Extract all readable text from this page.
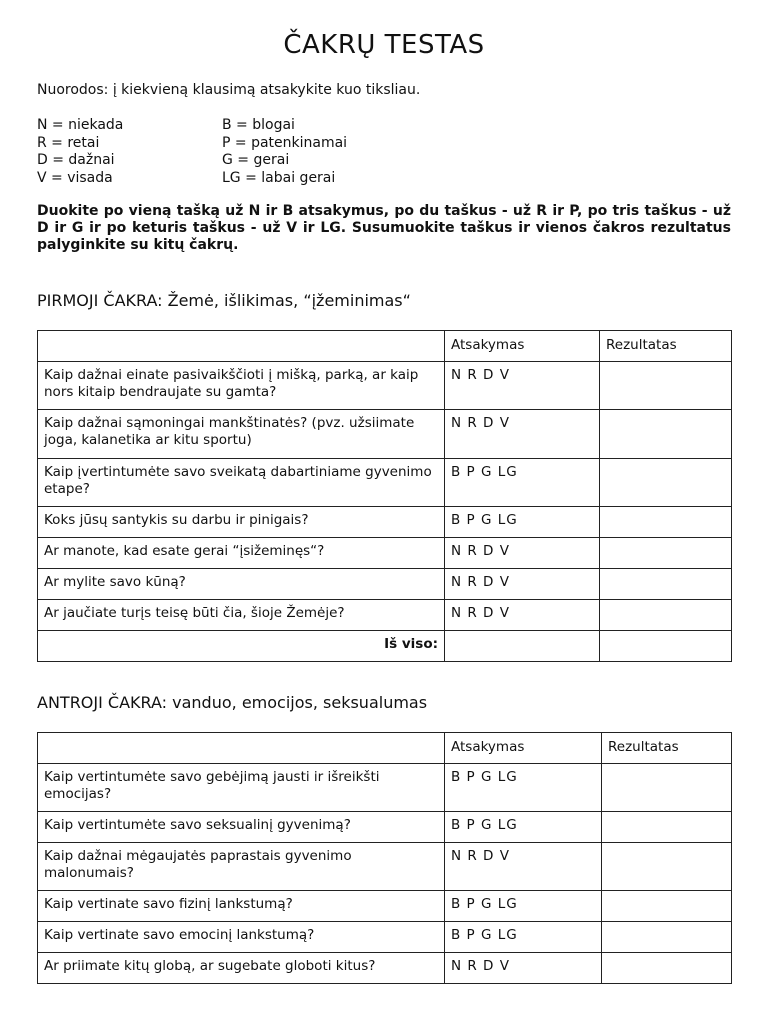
ČAKRŲ TESTAS
Nuorodos: į kiekvieną klausimą atsakykite kuo tiksliau.
N = niekada
R = retai
D = dažnai
V = visada
B = blogai
P = patenkinamai
G = gerai
LG = labai gerai
Duokite po vieną tašką už N ir B atsakymus, po du taškus - už R ir P, po tris taškus - už D ir G ir po keturis taškus - už V ir LG. Susumuokite taškus ir vienos čakros rezultatus palyginkite su kitų čakrų.
PIRMOJI ČAKRA: Žemė, išlikimas, “įžeminimas“
	Atsakymas	Rezultatas
Kaip dažnai einate pasivaikščioti į mišką, parką, ar kaip nors kitaip bendraujate su gamta?	N R D V	
Kaip dažnai sąmoningai mankštinatės? (pvz. užsiimate joga, kalanetika ar kitu sportu)	N R D V	
Kaip įvertintumėte savo sveikatą dabartiniame gyvenimo etape?	B P G LG	
Koks jūsų santykis su darbu ir pinigais?	B P G LG	
Ar manote, kad esate gerai “įsižeminęs“?	N R D V	
Ar mylite savo kūną?	N R D V	
Ar jaučiate turįs teisę būti čia, šioje Žemėje?	N R D V	
Iš viso:		
ANTROJI ČAKRA: vanduo, emocijos, seksualumas
	Atsakymas	Rezultatas
Kaip vertintumėte savo gebėjimą jausti ir išreikšti emocijas?	B P G LG	
Kaip vertintumėte savo seksualinį gyvenimą?	B P G LG	
Kaip dažnai mėgaujatės paprastais gyvenimo malonumais?	N R D V	
Kaip vertinate savo fizinį lankstumą?	B P G LG	
Kaip vertinate savo emocinį lankstumą?	B P G LG	
Ar priimate kitų globą, ar sugebate globoti kitus?	N R D V	
